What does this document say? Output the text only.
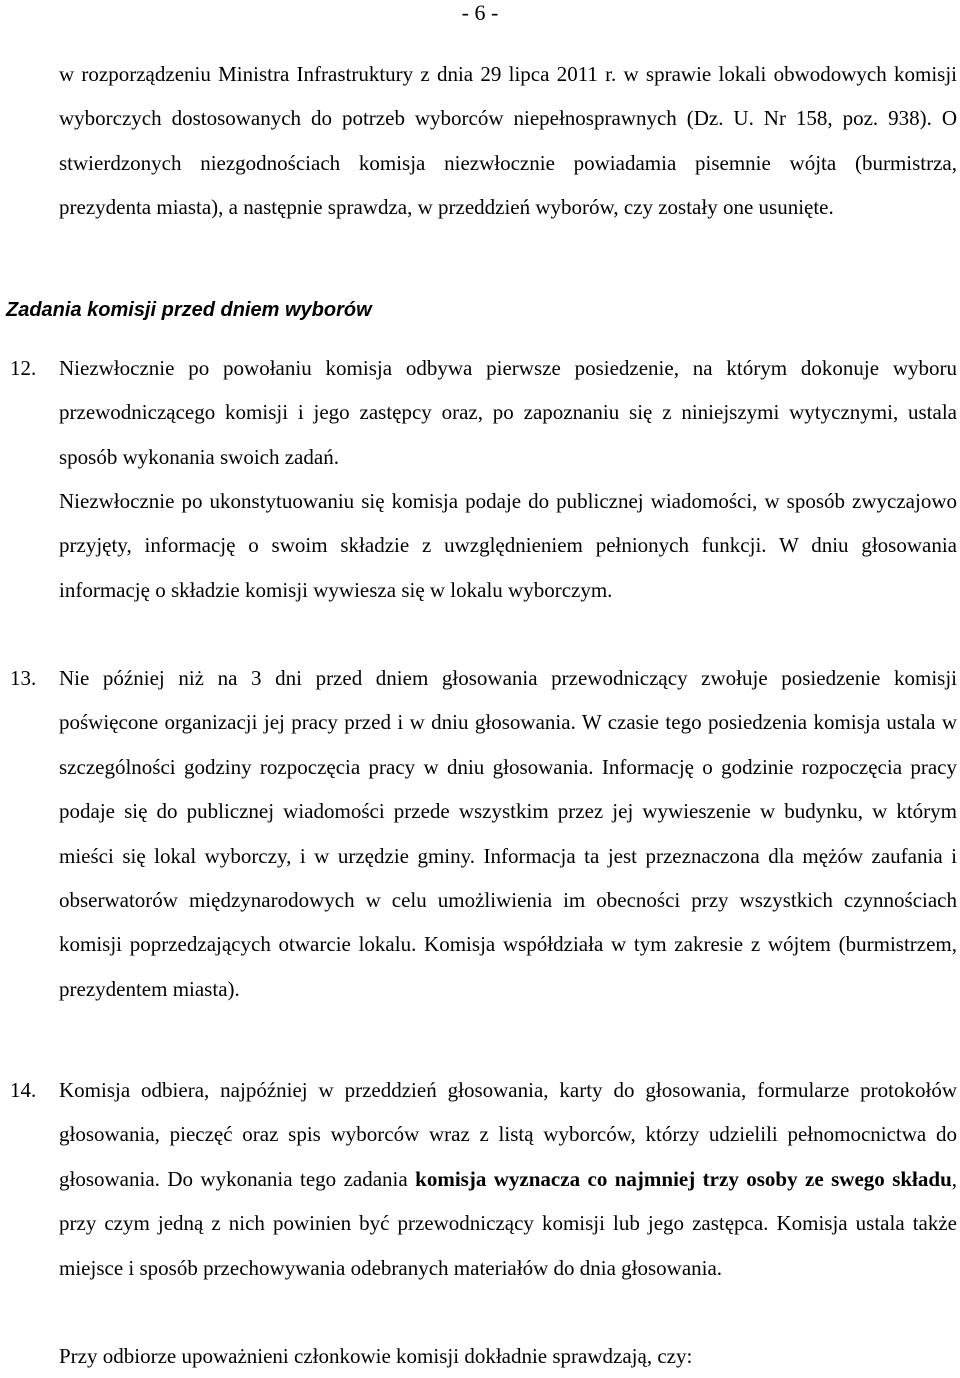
- 6 -

w rozporządzeniu Ministra Infrastruktury z dnia 29 lipca 2011 r. w sprawie lokali obwodowych komisji wyborczych dostosowanych do potrzeb wyborców niepełnosprawnych (Dz. U. Nr 158, poz. 938). O stwierdzonych niezgodnościach komisja niezwłocznie powiadamia pisemnie wójta (burmistrza, prezydenta miasta), a następnie sprawdza, w przeddzień wyborów, czy zostały one usunięte.

Zadania komisji przed dniem wyborów
12.	Niezwłocznie po powołaniu komisja odbywa pierwsze posiedzenie, na którym dokonuje wyboru przewodniczącego komisji i jego zastępcy oraz, po zapoznaniu się z niniejszymi wytycznymi, ustala sposób wykonania swoich zadań.

Niezwłocznie po ukonstytuowaniu się komisja podaje do publicznej wiadomości, w sposób zwyczajowo przyjęty, informację o swoim składzie z uwzględnieniem pełnionych funkcji. W dniu głosowania informację o składzie komisji wywiesza się w lokalu wyborczym.

13.	Nie później niż na 3 dni przed dniem głosowania przewodniczący zwołuje posiedzenie komisji poświęcone organizacji jej pracy przed i w dniu głosowania. W czasie tego posiedzenia komisja ustala w szczególności godziny rozpoczęcia pracy w dniu głosowania. Informację o godzinie rozpoczęcia pracy podaje się do publicznej wiadomości przede wszystkim przez jej wywieszenie w budynku, w którym mieści się lokal wyborczy, i w urzędzie gminy. Informacja ta jest przeznaczona dla mężów zaufania i obserwatorów międzynarodowych w celu umożliwienia im obecności przy wszystkich czynnościach komisji poprzedzających otwarcie lokalu. Komisja współdziała w tym zakresie z wójtem (burmistrzem, prezydentem miasta).

14.	Komisja odbiera, najpóźniej w przeddzień głosowania, karty do głosowania, formularze protokołów głosowania, pieczęć oraz spis wyborców wraz z listą wyborców, którzy udzielili pełnomocnictwa do głosowania. Do wykonania tego zadania komisja wyznacza co najmniej trzy osoby ze swego składu, przy czym jedną z nich powinien być przewodniczący komisji lub jego zastępca. Komisja ustala także miejsce i sposób przechowywania odebranych materiałów do dnia głosowania.

Przy odbiorze upoważnieni członkowie komisji dokładnie sprawdzają, czy:
